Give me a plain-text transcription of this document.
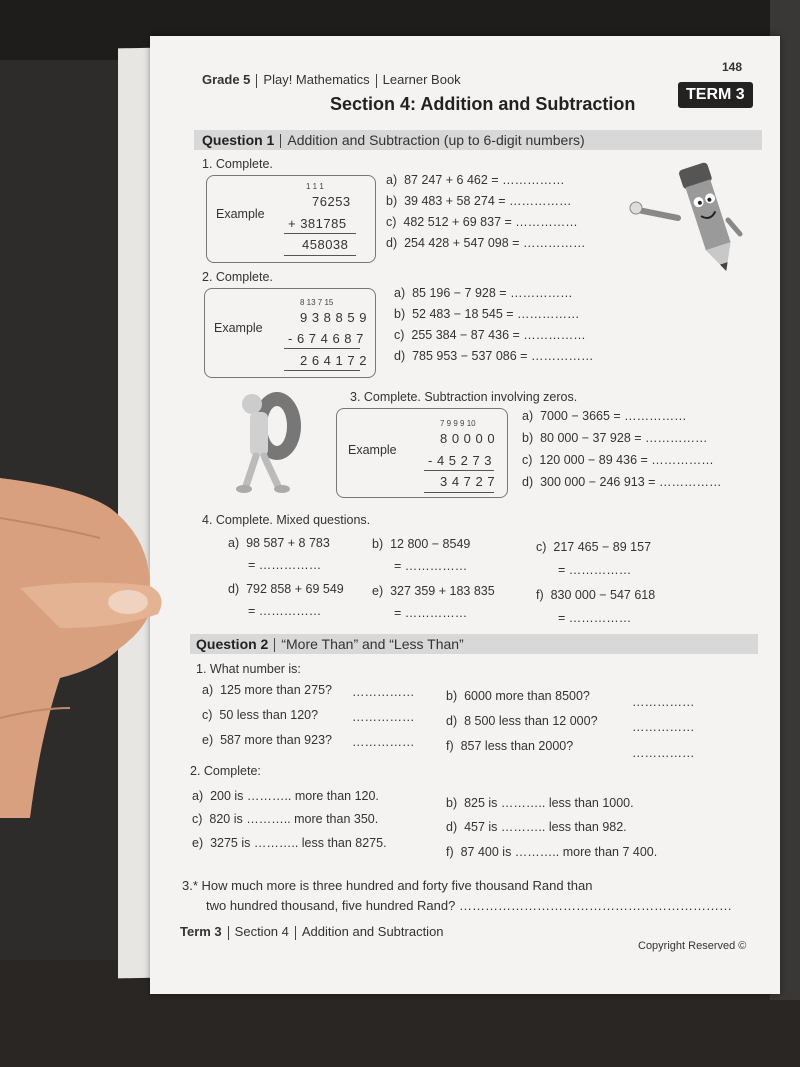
Grade 5 Play! Mathematics Learner Book
148
TERM 3
Section 4: Addition and Subtraction
Question 1 Addition and Subtraction (up to 6-digit numbers)
1. Complete.
Example
1 1 1
76253
+ 381785
458038
a) 87 247 + 6 462 = ……………
b) 39 483 + 58 274 = ……………
c) 482 512 + 69 837 = ……………
d) 254 428 + 547 098 = ……………
2. Complete.
Example
8 13 7 15
9 3 8 8 5 9
- 6 7 4 6 8 7
2 6 4 1 7 2
a) 85 196 − 7 928 = ……………
b) 52 483 − 18 545 = ……………
c) 255 384 − 87 436 = ……………
d) 785 953 − 537 086 = ……………
3. Complete. Subtraction involving zeros.
Example
7 9 9 9 10
8 0 0 0 0
- 4 5 2 7 3
3 4 7 2 7
a) 7000 − 3665 = ……………
b) 80 000 − 37 928 = ……………
c) 120 000 − 89 436 = ……………
d) 300 000 − 246 913 = ……………
4. Complete. Mixed questions.
a) 98 587 + 8 783
= ……………
b) 12 800 − 8549
= ……………
c) 217 465 − 89 157
= ……………
d) 792 858 + 69 549
= ……………
e) 327 359 + 183 835
= ……………
f) 830 000 − 547 618
= ……………
Question 2 “More Than” and “Less Than”
1. What number is:
a) 125 more than 275? ……………	b) 6000 more than 8500?	……………
c) 50 less than 120?	……………	d) 8 500 less than 12 000?	……………
e) 587 more than 923? ……………	f) 857 less than 2000?	……………
2. Complete:
a) 200 is ……….. more than 120.	b) 825 is ……….. less than 1000.
c) 820 is ……….. more than 350.
d) 457 is ……….. less than 982.
e) 3275 is ……….. less than 8275.
f) 87 400 is ……….. more than 7 400.
3.* How much more is three hundred and forty five thousand Rand than
two hundred thousand, five hundred Rand? ………………………………………………………
Term 3 Section 4 Addition and Subtraction
Copyright Reserved ©
